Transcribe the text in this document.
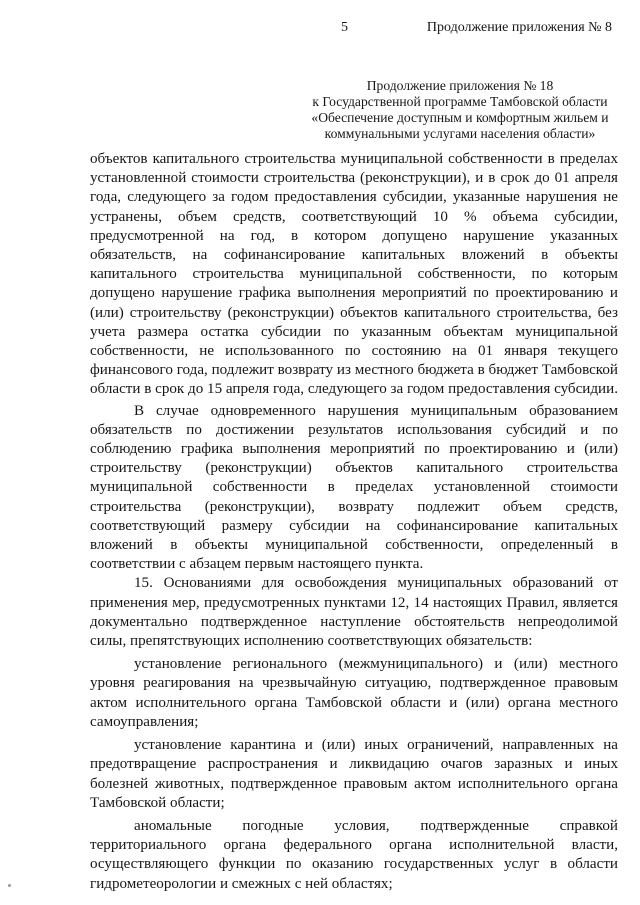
5	Продолжение приложения № 8
Продолжение приложения № 18
к Государственной программе Тамбовской области
«Обеспечение доступным и комфортным жильем и
коммунальными услугами населения области»

объектов капитального строительства муниципальной собственности в пределах установленной стоимости строительства (реконструкции), и в срок до 01 апреля года, следующего за годом предоставления субсидии, указанные нарушения не устранены, объем средств, соответствующий 10 % объема субсидии, предусмотренной на год, в котором допущено нарушение указанных обязательств, на софинансирование капитальных вложений в объекты капитального строительства муниципальной собственности, по которым допущено нарушение графика выполнения мероприятий по проектированию и (или) строительству (реконструкции) объектов капитального строительства, без учета размера остатка субсидии по указанным объектам муниципальной собственности, не использованного по состоянию на 01 января текущего финансового года, подлежит возврату из местного бюджета в бюджет Тамбовской области в срок до 15 апреля года, следующего за годом предоставления субсидии.

В случае одновременного нарушения муниципальным образованием обязательств по достижении результатов использования субсидий и по соблюдению графика выполнения мероприятий по проектированию и (или) строительству (реконструкции) объектов капитального строительства муниципальной собственности в пределах установленной стоимости строительства (реконструкции), возврату подлежит объем средств, соответствующий размеру субсидии на софинансирование капитальных вложений в объекты муниципальной собственности, определенный в соответствии с абзацем первым настоящего пункта.

15. Основаниями для освобождения муниципальных образований от применения мер, предусмотренных пунктами 12, 14 настоящих Правил, является документально подтвержденное наступление обстоятельств непреодолимой силы, препятствующих исполнению соответствующих обязательств:

установление регионального (межмуниципального) и (или) местного уровня реагирования на чрезвычайную ситуацию, подтвержденное правовым актом исполнительного органа Тамбовской области и (или) органа местного самоуправления;

установление карантина и (или) иных ограничений, направленных на предотвращение распространения и ликвидацию очагов заразных и иных болезней животных, подтвержденное правовым актом исполнительного органа Тамбовской области;

аномальные погодные условия, подтвержденные справкой территориального органа федерального органа исполнительной власти, осуществляющего функции по оказанию государственных услуг в области гидрометеорологии и смежных с ней областях;
